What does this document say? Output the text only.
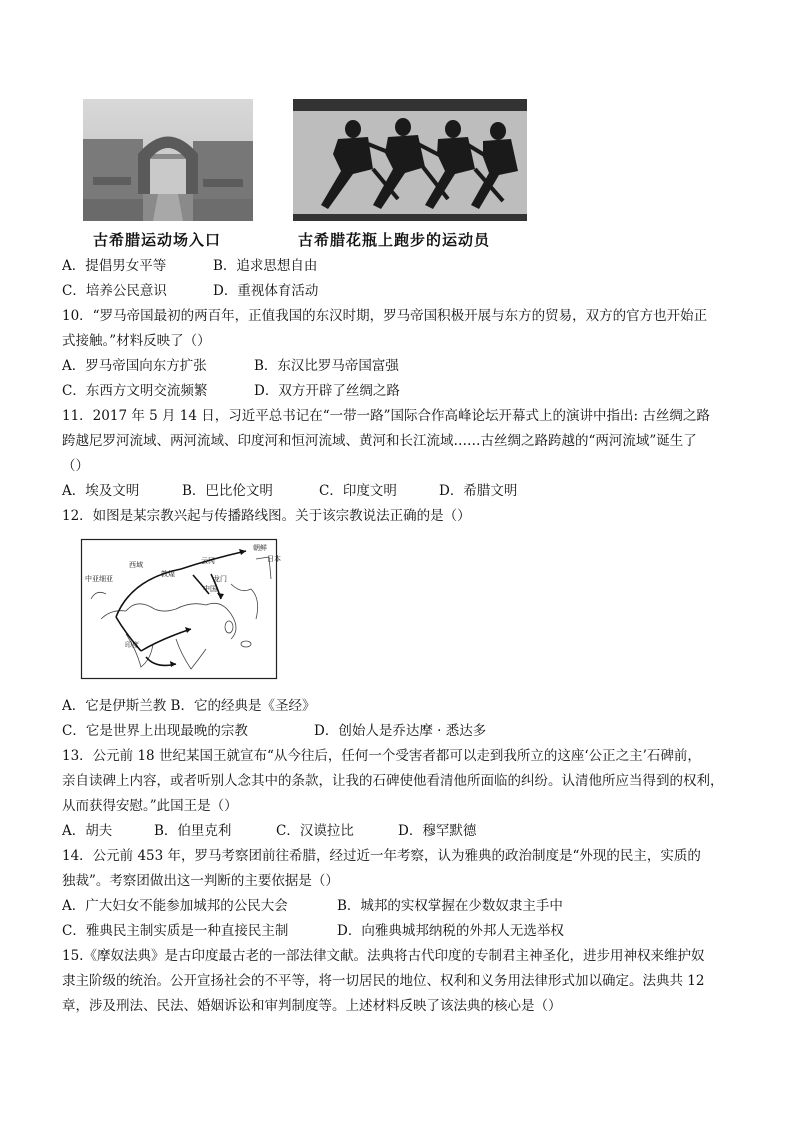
古希腊运动场入口	古希腊花瓶上跑步的运动员
A．提倡男女平等	B．追求思想自由
C．培养公民意识	D．重视体育活动
10．“罗马帝国最初的两百年，正值我国的东汉时期，罗马帝国积极开展与东方的贸易，双方的官方也开始正
式接触。”材料反映了（）
A．罗马帝国向东方扩张	B．东汉比罗马帝国富强
C．东西方文明交流频繁	D．双方开辟了丝绸之路
11．2017 年 5 月 14 日，习近平总书记在“一带一路”国际合作高峰论坛开幕式上的演讲中指出: 古丝绸之路
跨越尼罗河流域、两河流域、印度河和恒河流域、黄河和长江流域……古丝绸之路跨越的“两河流域”诞生了
（）
A．埃及文明	B．巴比伦文明	C．印度文明	D．希腊文明
12．如图是某宗教兴起与传播路线图。关于该宗教说法正确的是（）
朝鲜
日本
西域
敦煌
云冈
龙门
中国
中亚细亚
印度
A．它是伊斯兰教 B．它的经典是《圣经》
C．它是世界上出现最晚的宗教	D．创始人是乔达摩 · 悉达多
13．公元前 18 世纪某国王就宣布“从今往后，任何一个受害者都可以走到我所立的这座‘公正之主’石碑前，
亲自读碑上内容，或者听别人念其中的条款，让我的石碑使他看清他所面临的纠纷。认清他所应当得到的权利，
从而获得安慰。”此国王是（）
A．胡夫	B．伯里克利	C．汉谟拉比	D．穆罕默德
14．公元前 453 年，罗马考察团前往希腊，经过近一年考察，认为雅典的政治制度是“外现的民主，实质的
独裁”。考察团做出这一判断的主要依据是（）
A．广大妇女不能参加城邦的公民大会	B．城邦的实权掌握在少数奴隶主手中
C．雅典民主制实质是一种直接民主制	D．向雅典城邦纳税的外邦人无选举权
15.《摩奴法典》是古印度最古老的一部法律文献。法典将古代印度的专制君主神圣化，进步用神权来维护奴
隶主阶级的统治。公开宣扬社会的不平等，将一切居民的地位、权利和义务用法律形式加以确定。法典共 12
章，涉及刑法、民法、婚姻诉讼和审判制度等。上述材料反映了该法典的核心是（）
